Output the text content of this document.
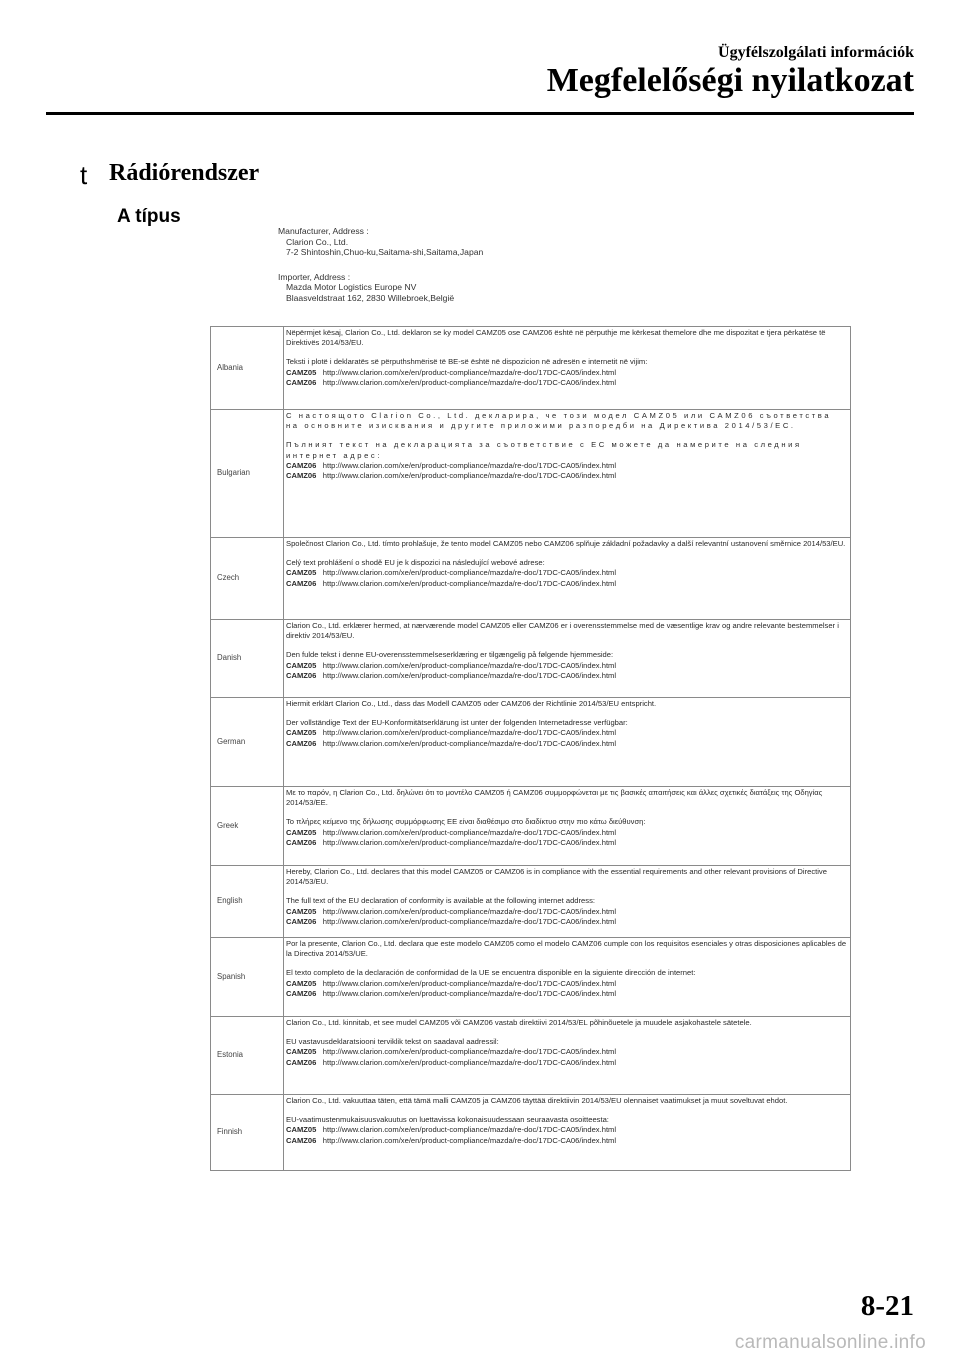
Ügyfélszolgálati információk
Megfelelőségi nyilatkozat
t Rádiórendszer
A típus
Manufacturer, Address :
Clarion Co., Ltd.
7-2 Shintoshin,Chuo-ku,Saitama-shi,Saitama,Japan
Importer, Address :
Mazda Motor Logistics Europe NV
Blaasveldstraat 162, 2830 Willebroek,België
Albania	Nëpërmjet kësaj, Clarion Co., Ltd. deklaron se ky model CAMZ05 ose CAMZ06 është në përputhje me kërkesat themelore dhe me dispozitat e tjera përkatëse të Direktivës 2014/53/EU.

Teksti i plotë i deklaratës së përputhshmërisë të BE-së është në dispozicion në adresën e internetit në vijim:

CAMZ05 http://www.clarion.com/xe/en/product-compliance/mazda/re-doc/17DC-CA05/index.html

CAMZ06 http://www.clarion.com/xe/en/product-compliance/mazda/re-doc/17DC-CA06/index.html

Bulgarian	С настоящото Clarion Co., Ltd. декларира, че този модел CAMZ05 или CAMZ06 съответства на основните изисквания и другите приложими разпоредби на Директива 2014/53/ЕС.

Пълният текст на декларацията за съответствие с ЕС можете да намерите на следния интернет адрес:

CAMZ06 http://www.clarion.com/xe/en/product-compliance/mazda/re-doc/17DC-CA05/index.html

CAMZ06 http://www.clarion.com/xe/en/product-compliance/mazda/re-doc/17DC-CA06/index.html

Czech	Společnost Clarion Co., Ltd. tímto prohlašuje, že tento model CAMZ05 nebo CAMZ06 splňuje základní požadavky a další relevantní ustanovení směrnice 2014/53/EU.

Celý text prohlášení o shodě EU je k dispozici na následující webové adrese:

CAMZ05 http://www.clarion.com/xe/en/product-compliance/mazda/re-doc/17DC-CA05/index.html

CAMZ06 http://www.clarion.com/xe/en/product-compliance/mazda/re-doc/17DC-CA06/index.html

Danish	Clarion Co., Ltd. erklærer hermed, at nærværende model CAMZ05 eller CAMZ06 er i overensstemmelse med de væsentlige krav og andre relevante bestemmelser i direktiv 2014/53/EU.

Den fulde tekst i denne EU-overensstemmelseserklæring er tilgængelig på følgende hjemmeside:

CAMZ05 http://www.clarion.com/xe/en/product-compliance/mazda/re-doc/17DC-CA05/index.html

CAMZ06 http://www.clarion.com/xe/en/product-compliance/mazda/re-doc/17DC-CA06/index.html

German	Hiermit erklärt Clarion Co., Ltd., dass das Modell CAMZ05 oder CAMZ06 der Richtlinie 2014/53/EU entspricht.

Der vollständige Text der EU-Konformitätserklärung ist unter der folgenden Internetadresse verfügbar:

CAMZ05 http://www.clarion.com/xe/en/product-compliance/mazda/re-doc/17DC-CA05/index.html

CAMZ06 http://www.clarion.com/xe/en/product-compliance/mazda/re-doc/17DC-CA06/index.html

Greek	Με το παρόν, η Clarion Co., Ltd. δηλώνει ότι το μοντέλο CAMZ05 ή CAMZ06 συμμορφώνεται με τις βασικές απαιτήσεις και άλλες σχετικές διατάξεις της Οδηγίας 2014/53/ΕΕ.

Το πλήρες κείμενο της δήλωσης συμμόρφωσης ΕΕ είναι διαθέσιμο στο διαδίκτυο στην πιο κάτω διεύθυνση:

CAMZ05 http://www.clarion.com/xe/en/product-compliance/mazda/re-doc/17DC-CA05/index.html

CAMZ06 http://www.clarion.com/xe/en/product-compliance/mazda/re-doc/17DC-CA06/index.html

English	Hereby, Clarion Co., Ltd. declares that this model CAMZ05 or CAMZ06 is in compliance with the essential requirements and other relevant provisions of Directive 2014/53/EU.

The full text of the EU declaration of conformity is available at the following internet address:

CAMZ05 http://www.clarion.com/xe/en/product-compliance/mazda/re-doc/17DC-CA05/index.html

CAMZ06 http://www.clarion.com/xe/en/product-compliance/mazda/re-doc/17DC-CA06/index.html

Spanish	Por la presente, Clarion Co., Ltd. declara que este modelo CAMZ05 como el modelo CAMZ06 cumple con los requisitos esenciales y otras disposiciones aplicables de la Directiva 2014/53/UE.

El texto completo de la declaración de conformidad de la UE se encuentra disponible en la siguiente dirección de internet:

CAMZ05 http://www.clarion.com/xe/en/product-compliance/mazda/re-doc/17DC-CA05/index.html

CAMZ06 http://www.clarion.com/xe/en/product-compliance/mazda/re-doc/17DC-CA06/index.html

Estonia	Clarion Co., Ltd. kinnitab, et see mudel CAMZ05 või CAMZ06 vastab direktiivi 2014/53/EL põhinõuetele ja muudele asjakohastele sätetele.

EU vastavusdeklaratsiooni terviklik tekst on saadaval aadressil:

CAMZ05 http://www.clarion.com/xe/en/product-compliance/mazda/re-doc/17DC-CA05/index.html

CAMZ06 http://www.clarion.com/xe/en/product-compliance/mazda/re-doc/17DC-CA06/index.html

Finnish	Clarion Co., Ltd. vakuuttaa täten, että tämä malli CAMZ05 ja CAMZ06 täyttää direktiivin 2014/53/EU olennaiset vaatimukset ja muut soveltuvat ehdot.

EU-vaatimustenmukaisuusvakuutus on luettavissa kokonaisuudessaan seuraavasta osoitteesta:

CAMZ05 http://www.clarion.com/xe/en/product-compliance/mazda/re-doc/17DC-CA05/index.html

CAMZ06 http://www.clarion.com/xe/en/product-compliance/mazda/re-doc/17DC-CA06/index.html

8-21
carmanualsonline.info
